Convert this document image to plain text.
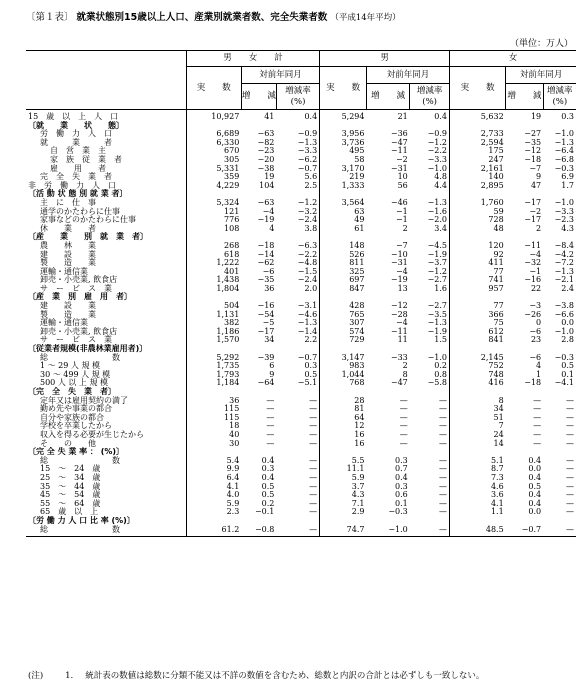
〔第１表〕 就業状態別15歳以上人口、産業別就業者数、完全失業者数 （平成14年平均）
（単位：万人）
	男　　女　　計			男			女		
	実　　数	対前年同月		実　　数	対前年同月		実　　数	対前年同月	
		増　　減	増減率 (%)		増　　減	増減率 (%)		増　　減	増減率 (%)
15　歳　以　上　人　口	10,927	41	0.4	5,294	21	0.4	5,632	19	0.3
〔就　　業　　状　　態〕									
労　働　力　人　口	6,689	−63	−0.9	3,956	−36	−0.9	2,733	−27	−1.0
就　　　業　　　者	6,330	−82	−1.3	3,736	−47	−1.2	2,594	−35	−1.3
自　営　業　主	670	−23	−3.3	495	−11	−2.2	175	−12	−6.4
家　族　従　業　者	305	−20	−6.2	58	−2	−3.3	247	−18	−6.8
雇　　用　　者	5,331	−38	−0.7	3,170	−31	−1.0	2,161	−7	−0.3
完　全　失　業　者	359	19	5.6	219	10	4.8	140	9	6.9
非　労　働　力　人　口	4,229	104	2.5	1,333	56	4.4	2,895	47	1.7
〔活 動 状 態 別 就 業 者〕									
主　に　仕　事	5,324	−63	−1.2	3,564	−46	−1.3	1,760	−17	−1.0
通学のかたわらに仕事	121	−4	−3.2	63	−1	−1.6	59	−2	−3.3
家事などのかたわらに仕事	776	−19	−2.4	49	−1	−2.0	728	−17	−2.3
休　　業　　者	108	4	3.8	61	2	3.4	48	2	4.3
〔産　　業　　別　就　業　者〕									
農　　林　　業	268	−18	−6.3	148	−7	−4.5	120	−11	−8.4
建　　設　　業	618	−14	−2.2	526	−10	−1.9	92	−4	−4.2
製　　造　　業	1,222	−62	−4.8	811	−31	−3.7	411	−32	−7.2
運輸・通信業	401	−6	−1.5	325	−4	−1.2	77	−1	−1.3
卸売・小売業, 飲食店	1,438	−35	−2.4	697	−19	−2.7	741	−16	−2.1
サ　ー　ビ　ス　業	1,804	36	2.0	847	13	1.6	957	22	2.4
〔産　業　別　雇　用　者〕									
建　　設　　業	504	−16	−3.1	428	−12	−2.7	77	−3	−3.8
製　　造　　業	1,131	−54	−4.6	765	−28	−3.5	366	−26	−6.6
運輸・通信業	382	−5	−1.3	307	−4	−1.3	75	0	0.0
卸売・小売業, 飲食店	1,186	−17	−1.4	574	−11	−1.9	612	−6	−1.0
サ　ー　ビ　ス　業	1,570	34	2.2	729	11	1.5	841	23	2.8
〔従業者規模(非農林業雇用者)〕									
総　　　　　　　　数	5,292	−39	−0.7	3,147	−33	−1.0	2,145	−6	−0.3
1 〜 29 人 規 模	1,735	6	0.3	983	2	0.2	752	4	0.5
30 〜 499 人 規 模	1,793	9	0.5	1,044	8	0.8	748	1	0.1
500 人 以 上 規 模	1,184	−64	−5.1	768	−47	−5.8	416	−18	−4.1
〔完　全　失　業　者〕									
定年又は雇用契約の満了	36	—	—	28	—	—	8	—	—
勤め先や事業の都合	115	—	—	81	—	—	34	—	—
自分や家族の都合	115	—	—	64	—	—	51	—	—
学校を卒業したから	18	—	—	12	—	—	7	—	—
収入を得る必要が生じたから	40	—	—	16	—	—	24	—	—
そ　　の　　他	30	—	—	16	—	—	14	—	—
〔完 全 失 業 率 ： (%)〕									
総　　　　　　　　数	5.4	0.4	—	5.5	0.3	—	5.1	0.4	—
15　〜　24　歳	9.9	0.3	—	11.1	0.7	—	8.7	0.0	—
25　〜　34　歳	6.4	0.4	—	5.9	0.4	—	7.3	0.4	—
35　〜　44　歳	4.1	0.5	—	3.7	0.3	—	4.6	0.5	—
45　〜　54　歳	4.0	0.5	—	4.3	0.6	—	3.6	0.4	—
55　〜　64　歳	5.9	0.2	—	7.1	0.1	—	4.1	0.4	—
65　歳　以　上	2.3	−0.1	—	2.9	−0.3	—	1.1	0.0	—
〔労 働 力 人 口 比 率 (%)〕									
総　　　　　　　　数	61.2	−0.8	—	74.7	−1.0	—	48.5	−0.7	—
(注)	1. 統計表の数値は総数に分類不能又は不詳の数値を含むため、総数と内訳の合計とは必ずしも一致しない。
